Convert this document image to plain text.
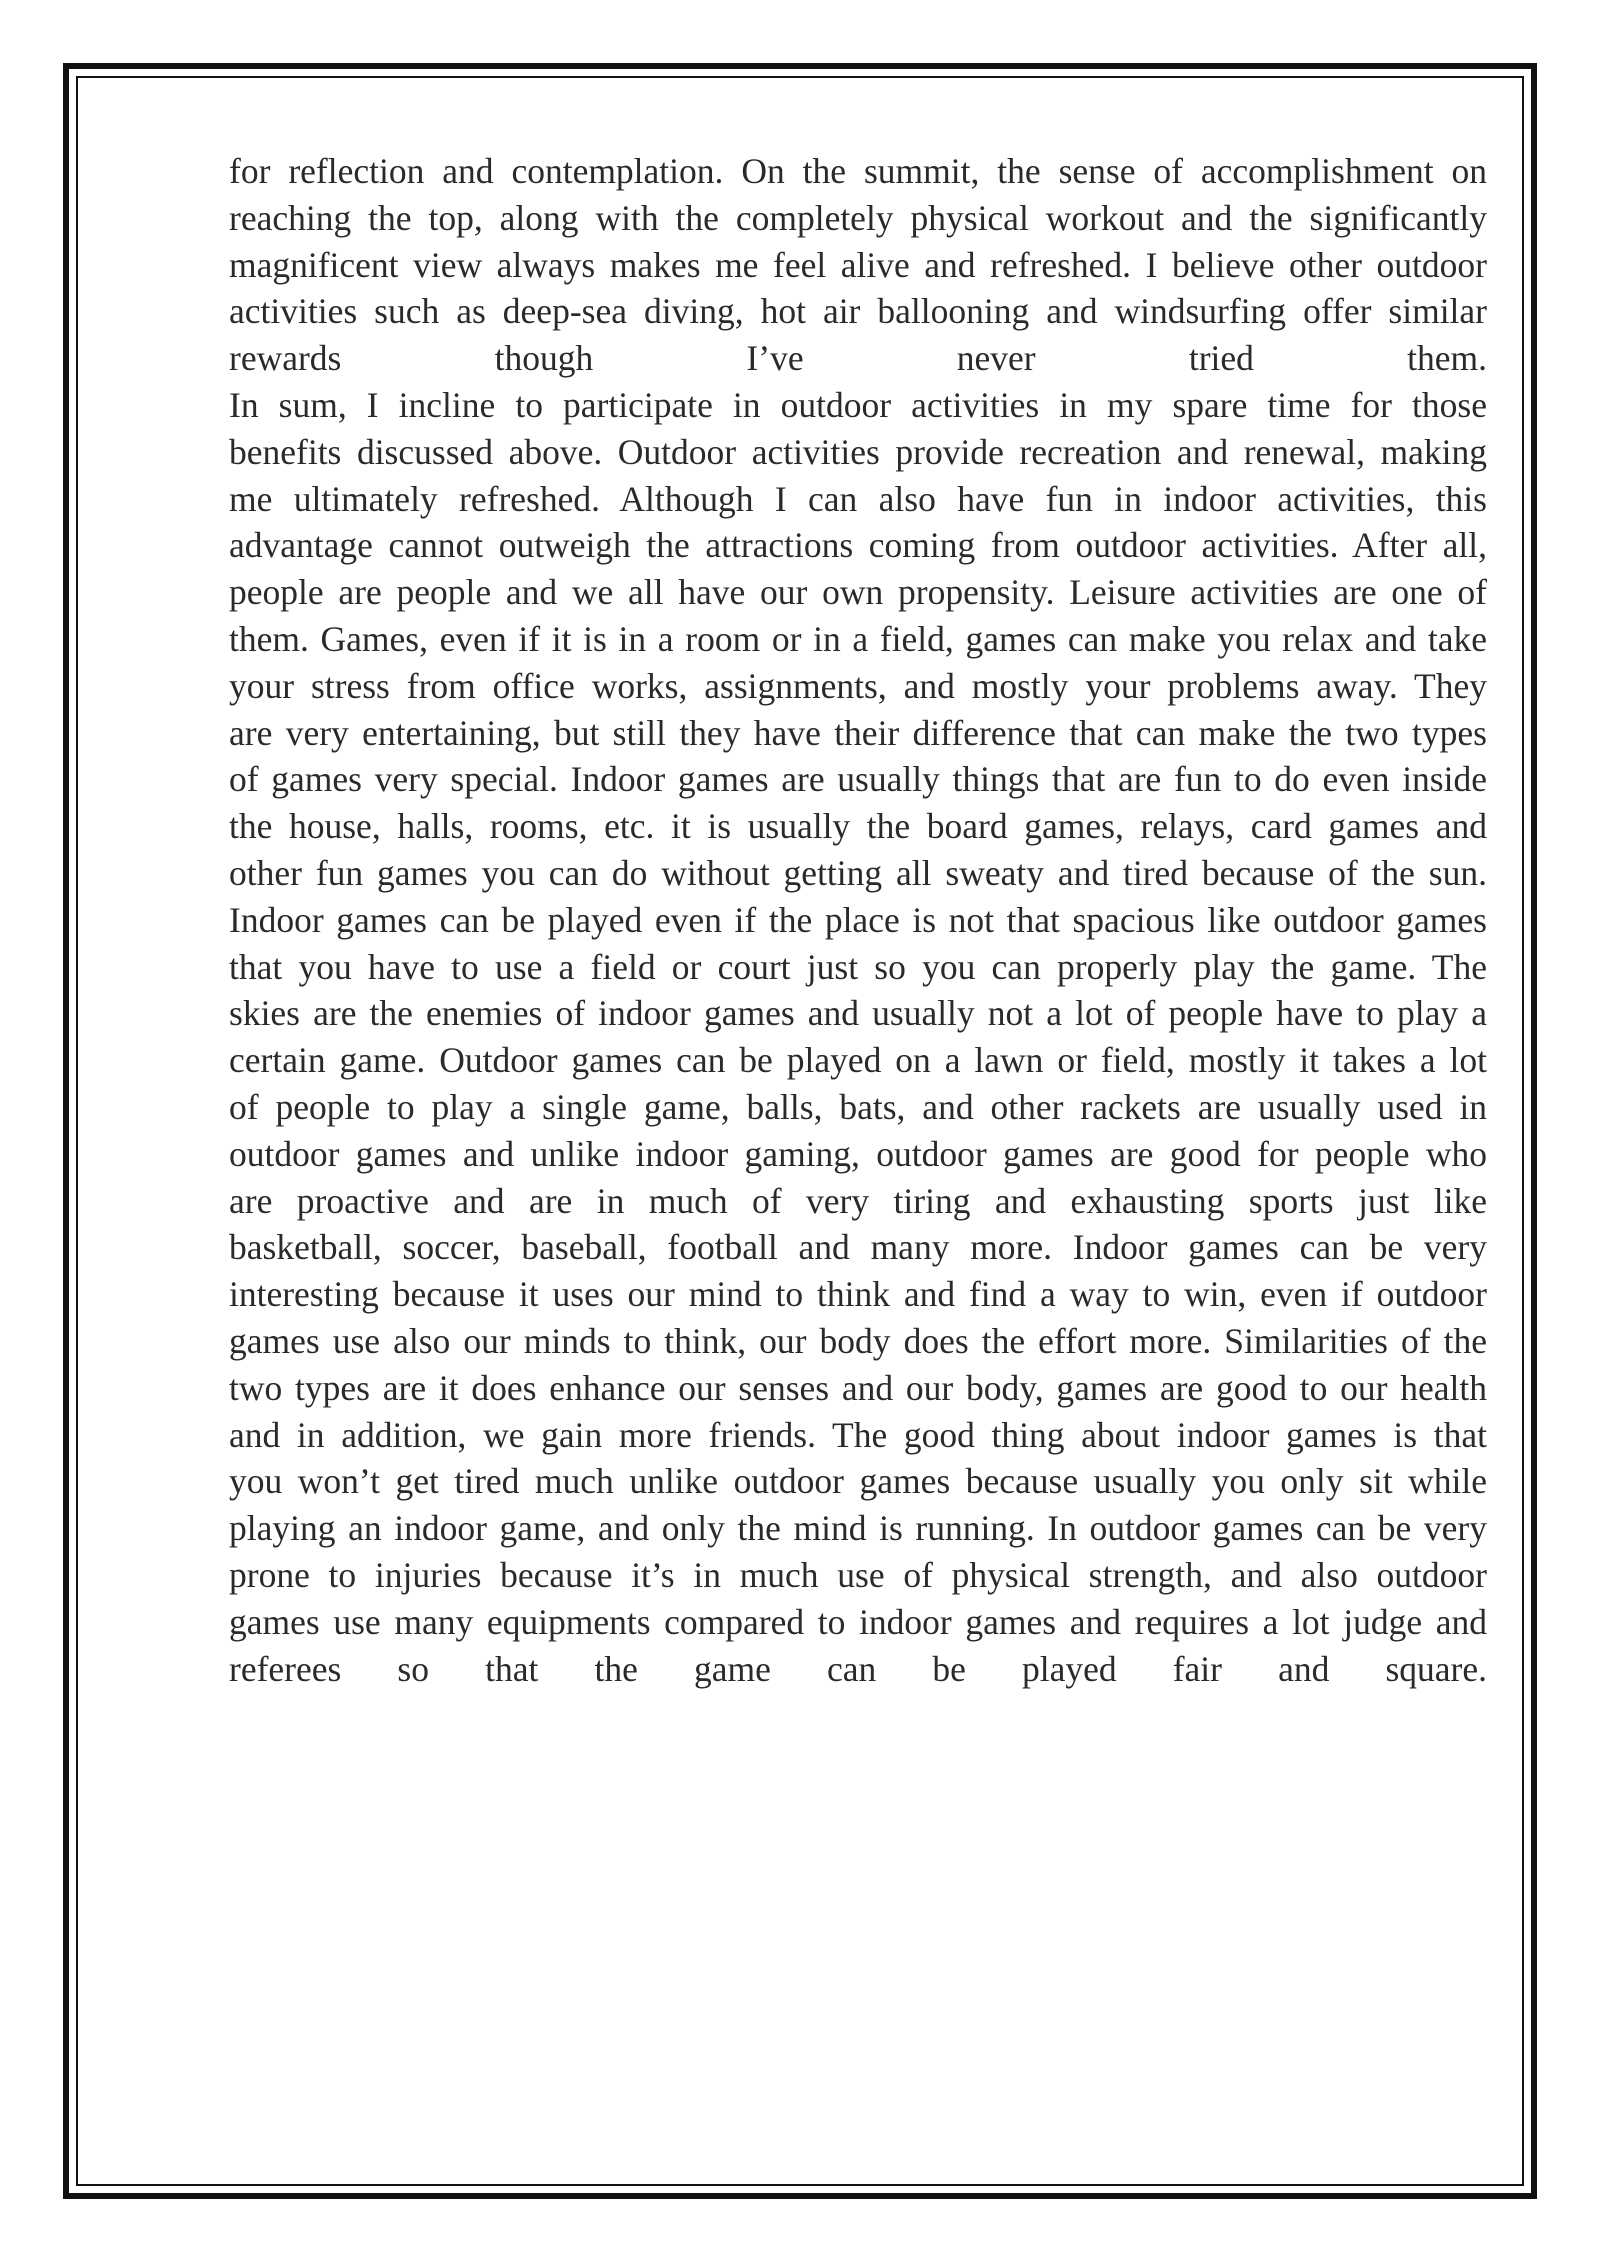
for reflection and contemplation. On the summit, the sense of accomplishment on
reaching the top, along with the completely physical workout and the significantly
magnificent view always makes me feel alive and refreshed. I believe other outdoor
activities such as deep-sea diving, hot air ballooning and windsurfing offer similar
rewards though I’ve never tried them.
In sum, I incline to participate in outdoor activities in my spare time for those
benefits discussed above. Outdoor activities provide recreation and renewal, making
me ultimately refreshed. Although I can also have fun in indoor activities, this
advantage cannot outweigh the attractions coming from outdoor activities. After all,
people are people and we all have our own propensity. Leisure activities are one of
them. Games, even if it is in a room or in a field, games can make you relax and take
your stress from office works, assignments, and mostly your problems away. They
are very entertaining, but still they have their difference that can make the two types
of games very special. Indoor games are usually things that are fun to do even inside
the house, halls, rooms, etc. it is usually the board games, relays, card games and
other fun games you can do without getting all sweaty and tired because of the sun.
Indoor games can be played even if the place is not that spacious like outdoor games
that you have to use a field or court just so you can properly play the game. The
skies are the enemies of indoor games and usually not a lot of people have to play a
certain game. Outdoor games can be played on a lawn or field, mostly it takes a lot
of people to play a single game, balls, bats, and other rackets are usually used in
outdoor games and unlike indoor gaming, outdoor games are good for people who
are proactive and are in much of very tiring and exhausting sports just like
basketball, soccer, baseball, football and many more. Indoor games can be very
interesting because it uses our mind to think and find a way to win, even if outdoor
games use also our minds to think, our body does the effort more. Similarities of the
two types are it does enhance our senses and our body, games are good to our health
and in addition, we gain more friends. The good thing about indoor games is that
you won’t get tired much unlike outdoor games because usually you only sit while
playing an indoor game, and only the mind is running. In outdoor games can be very
prone to injuries because it’s in much use of physical strength, and also outdoor
games use many equipments compared to indoor games and requires a lot judge and
referees so that the game can be played fair and square.
